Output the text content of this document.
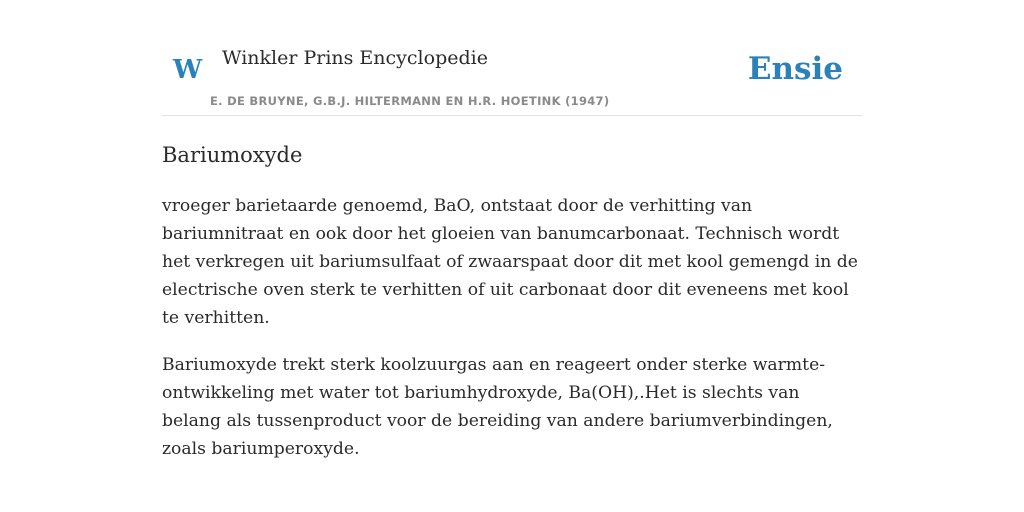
W Winkler Prins Encyclopedie
E. DE BRUYNE, G.B.J. HILTERMANN EN H.R. HOETINK (1947)
Ensie
Bariumoxyde

vroeger barietaarde genoemd, BaO, ontstaat door de verhitting van bariumnitraat en ook door het gloeien van banumcarbonaat. Technisch wordt het verkregen uit bariumsulfaat of zwaarspaat door dit met kool gemengd in de electrische oven sterk te verhitten of uit carbonaat door dit eveneens met kool te verhitten.

Bariumoxyde trekt sterk koolzuurgas aan en reageert onder sterke warmte-ontwikkeling met water tot bariumhydroxyde, Ba(OH),.Het is slechts van belang als tussenproduct voor de bereiding van andere bariumverbindingen, zoals bariumperoxyde.
